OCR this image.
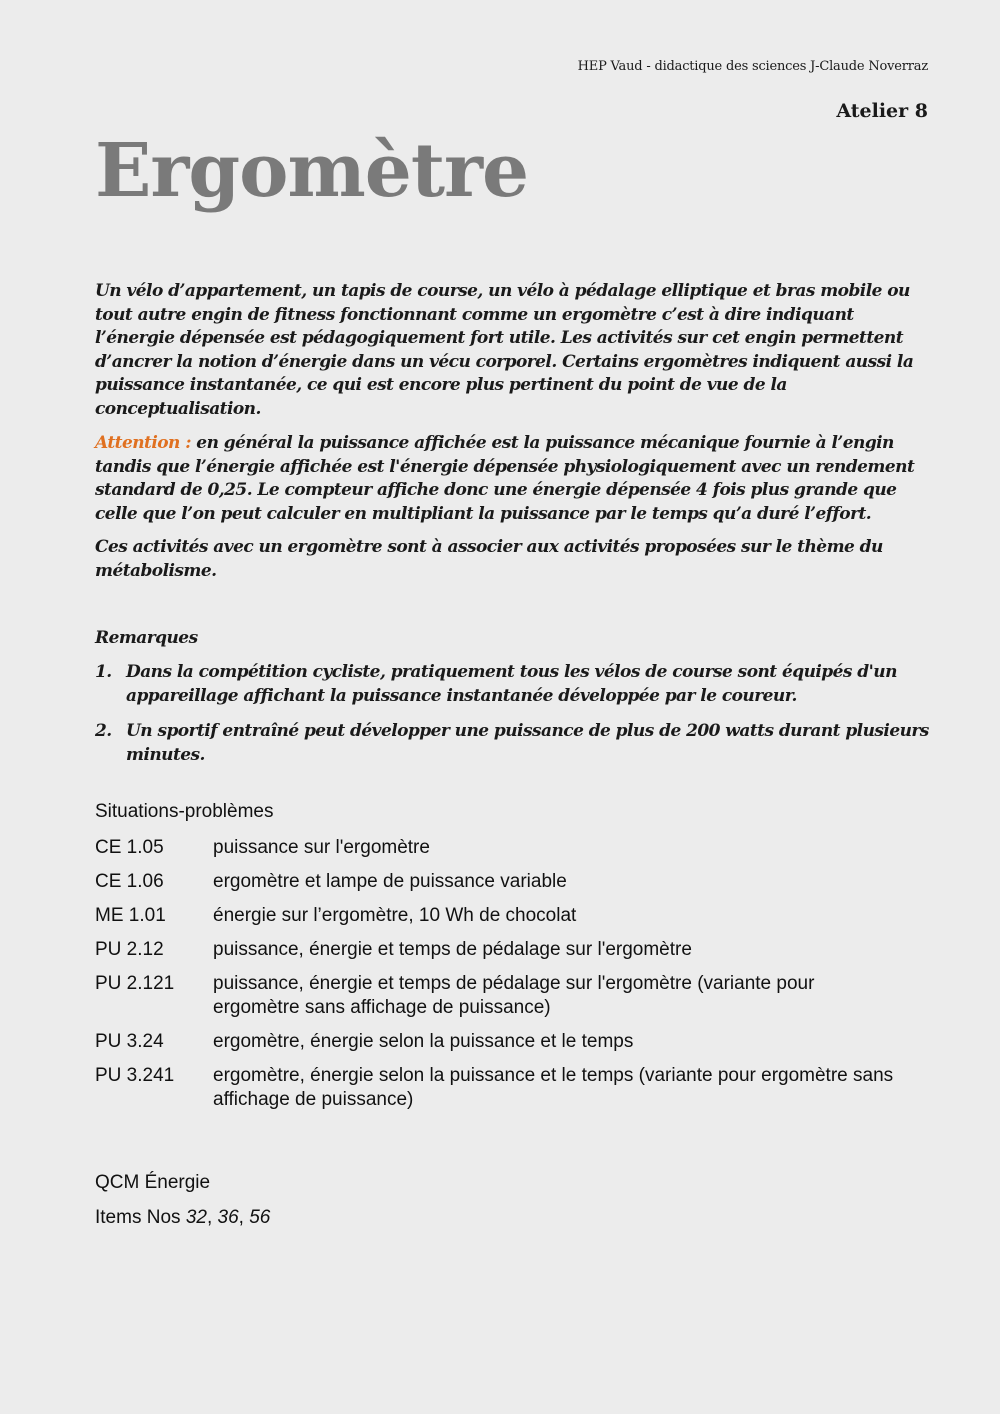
HEP Vaud - didactique des sciences J-Claude Noverraz
Atelier 8
Ergomètre
Un vélo d’appartement, un tapis de course, un vélo à pédalage elliptique et bras mobile ou tout autre engin de fitness fonctionnant comme un ergomètre c’est à dire indiquant l’énergie dépensée est pédagogiquement fort utile. Les activités sur cet engin permettent d’ancrer la notion d’énergie dans un vécu corporel. Certains ergomètres indiquent aussi la puissance instantanée, ce qui est encore plus pertinent du point de vue de la conceptualisation.
Attention : en général la puissance affichée est la puissance mécanique fournie à l’engin tandis que l’énergie affichée est l'énergie dépensée physiologiquement avec un rendement standard de 0,25. Le compteur affiche donc une énergie dépensée 4 fois plus grande que celle que l’on peut calculer en multipliant la puissance par le temps qu’a duré l’effort.
Ces activités avec un ergomètre sont à associer aux activités proposées sur le thème du métabolisme.
Remarques
1. Dans la compétition cycliste, pratiquement tous les vélos de course sont équipés d'un appareillage affichant la puissance instantanée développée par le coureur.
2. Un sportif entraîné peut développer une puissance de plus de 200 watts durant plusieurs minutes.
Situations-problèmes
CE 1.05	puissance sur l'ergomètre
CE 1.06	ergomètre et lampe de puissance variable
ME 1.01	énergie sur l’ergomètre, 10 Wh de chocolat
PU 2.12	puissance, énergie et temps de pédalage sur l'ergomètre
PU 2.121	puissance, énergie et temps de pédalage sur l'ergomètre (variante pour ergomètre sans affichage de puissance)
PU 3.24	ergomètre, énergie selon la puissance et le temps
PU 3.241	ergomètre, énergie selon la puissance et le temps (variante pour ergomètre sans affichage de puissance)
QCM Énergie
Items Nos 32, 36, 56
